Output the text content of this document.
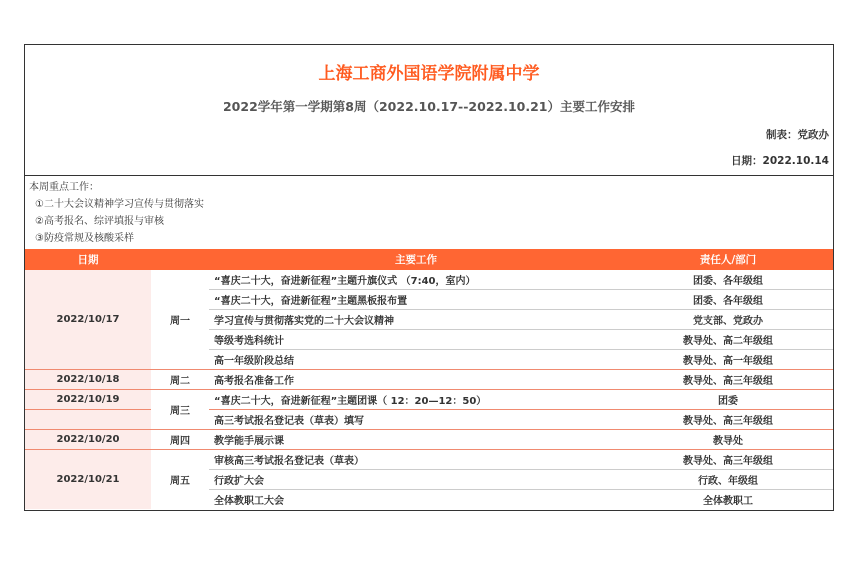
上海工商外国语学院附属中学
2022学年第一学期第8周（2022.10.17--2022.10.21）主要工作安排
制表：党政办
日期：2022.10.14
本周重点工作：
①二十大会议精神学习宣传与贯彻落实
②高考报名、综评填报与审核
③防疫常规及核酸采样
日期		主要工作	责任人/部门
2022/10/17	周一	“喜庆二十大，奋进新征程”主题升旗仪式 （7:40，室内）	团委、各年级组
		“喜庆二十大，奋进新征程”主题黑板报布置	团委、各年级组
		学习宣传与贯彻落实党的二十大会议精神	党支部、党政办
		等级考选科统计	教导处、高二年级组
		高一年级阶段总结	教导处、高一年级组
2022/10/18	周二	高考报名准备工作	教导处、高三年级组
2022/10/19	周三	“喜庆二十大，奋进新征程”主题团课（ 12：20—12：50）	团委
		高三考试报名登记表（草表）填写	教导处、高三年级组
2022/10/20	周四	教学能手展示课	教导处
2022/10/21	周五	审核高三考试报名登记表（草表）	教导处、高三年级组
		行政扩大会	行政、年级组
		全体教职工大会	全体教职工
